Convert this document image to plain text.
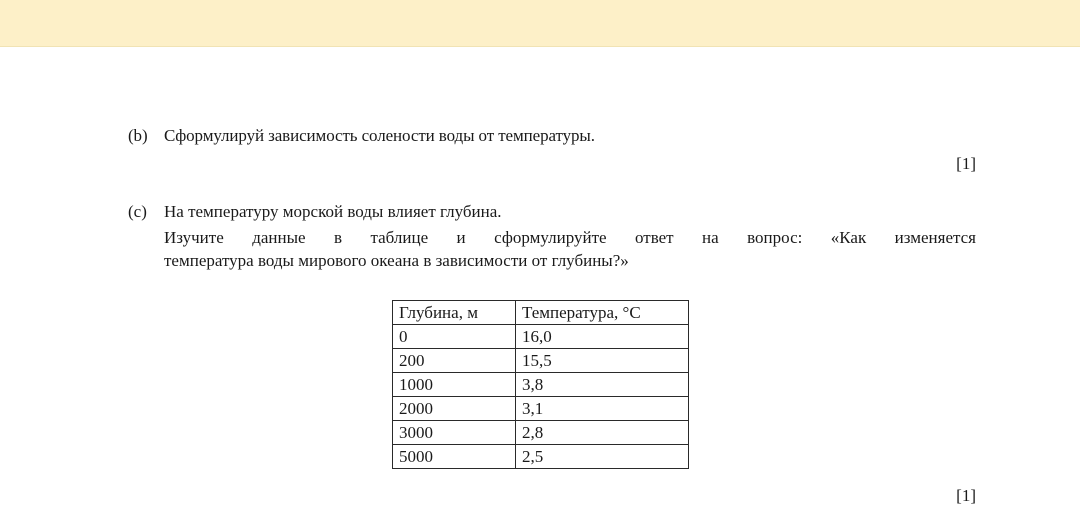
(b) Сформулируй зависимость солености воды от температуры.
[1]
(c) На температуру морской воды влияет глубина.
Изучите данные в таблице и сформулируйте ответ на вопрос: «Как изменяется
температура воды мирового океана в зависимости от глубины?»
Глубина, м	Температура, °С
0	16,0
200	15,5
1000	3,8
2000	3,1
3000	2,8
5000	2,5
[1]
